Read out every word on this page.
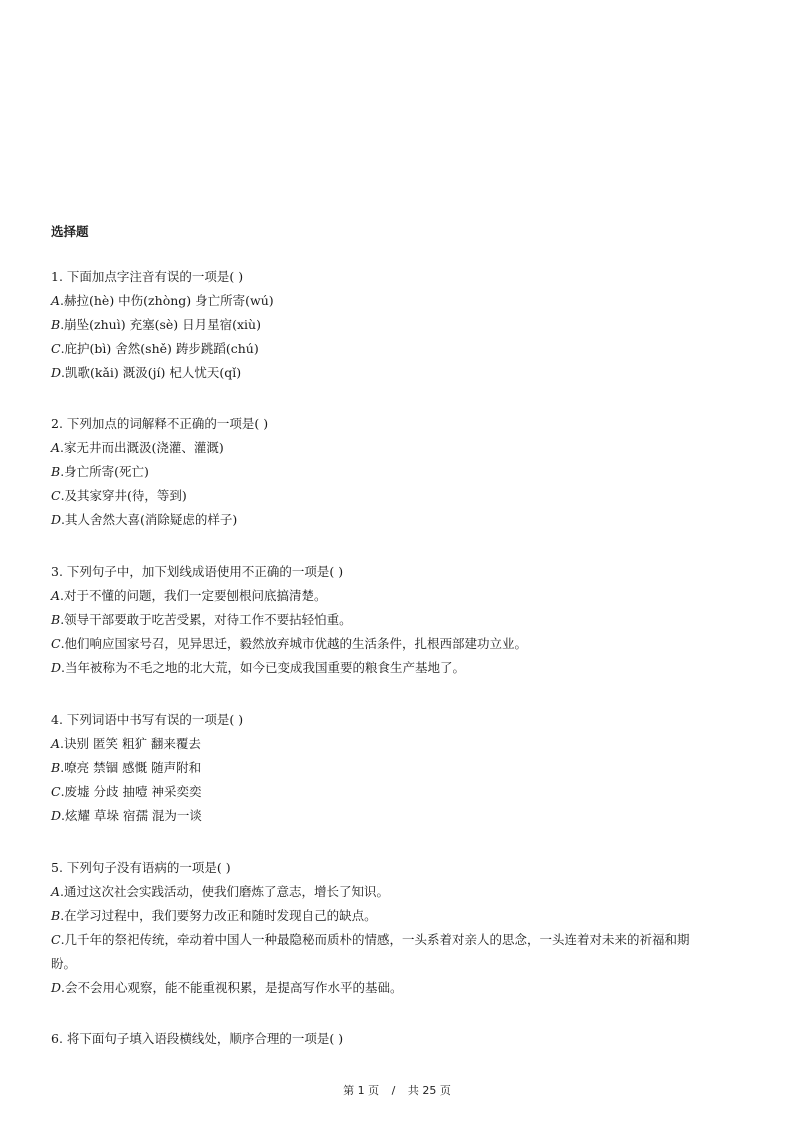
选择题
1. 下面加点字注音有误的一项是( )
A.赫拉(hè) 中伤(zhòng) 身亡所寄(wú)
B.崩坠(zhuì) 充塞(sè) 日月星宿(xiù)
C.庇护(bì) 舍然(shě) 踌步跳蹈(chú)
D.凯歌(kǎi) 溉汲(jí) 杞人忧天(qǐ)
2. 下列加点的词解释不正确的一项是( )
A.家无井而出溉汲(浇灌、灌溉)
B.身亡所寄(死亡)
C.及其家穿井(待，等到)
D.其人舍然大喜(消除疑虑的样子)
3. 下列句子中，加下划线成语使用不正确的一项是( )
A.对于不懂的问题，我们一定要刨根问底搞清楚。
B.领导干部要敢于吃苦受累，对待工作不要拈轻怕重。
C.他们响应国家号召，见异思迁，毅然放弃城市优越的生活条件，扎根西部建功立业。
D.当年被称为不毛之地的北大荒，如今已变成我国重要的粮食生产基地了。
4. 下列词语中书写有误的一项是( )
A.诀别 匿笑 粗犷 翻来覆去
B.嘹亮 禁锢 感慨 随声附和
C.废墟 分歧 抽噎 神采奕奕
D.炫耀 草垛 宿孺 混为一谈
5. 下列句子没有语病的一项是( )
A.通过这次社会实践活动，使我们磨炼了意志，增长了知识。
B.在学习过程中，我们要努力改正和随时发现自己的缺点。
C.几千年的祭祀传统，牵动着中国人一种最隐秘而质朴的情感，一头系着对亲人的思念，一头连着对未来的祈福和期
盼。
D.会不会用心观察，能不能重视积累，是提高写作水平的基础。
6. 将下面句子填入语段横线处，顺序合理的一项是( )
第 1 页 / 共 25 页
